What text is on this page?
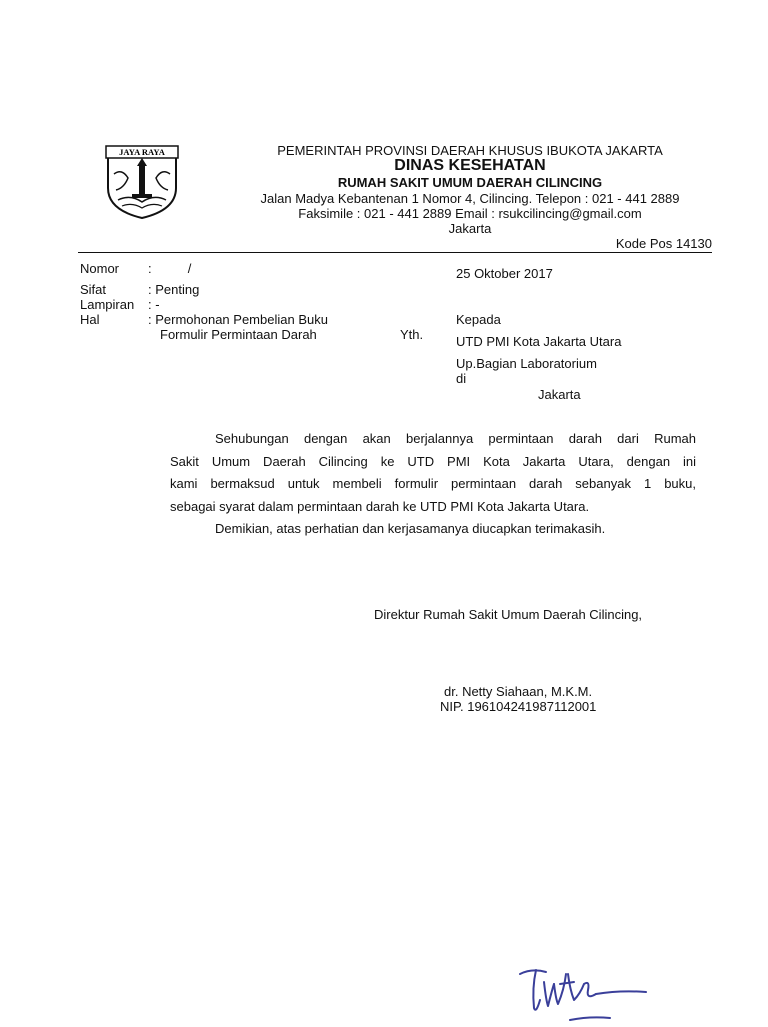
JAYA RAYA	PEMERINTAH PROVINSI DAERAH KHUSUS IBUKOTA JAKARTA
DINAS KESEHATAN
RUMAH SAKIT UMUM DAERAH CILINCING
Jalan Madya Kebantenan 1 Nomor 4, Cilincing. Telepon : 021 - 441 2889
Faksimile : 021 - 441 2889 Email : rsukcilincing@gmail.com
Jakarta
Kode Pos 14130
Nomor :          /
Sifat	: Penting
Lampiran : -
Hal	: Permohonan Pembelian Buku
Formulir Permintaan Darah	Yth.
25 Oktober 2017
Kepada
UTD PMI Kota Jakarta Utara
Up.Bagian Laboratorium
di
Jakarta

Sehubungan dengan akan berjalannya permintaan darah dari Rumah

Sakit Umum Daerah Cilincing ke UTD PMI Kota Jakarta Utara, dengan ini

kami bermaksud untuk membeli formulir permintaan darah sebanyak 1 buku,

sebagai syarat dalam permintaan darah ke UTD PMI Kota Jakarta Utara.

Demikian, atas perhatian dan kerjasamanya diucapkan terimakasih.

Direktur Rumah Sakit Umum Daerah Cilincing,
dr. Netty Siahaan, M.K.M.
NIP. 196104241987112001
